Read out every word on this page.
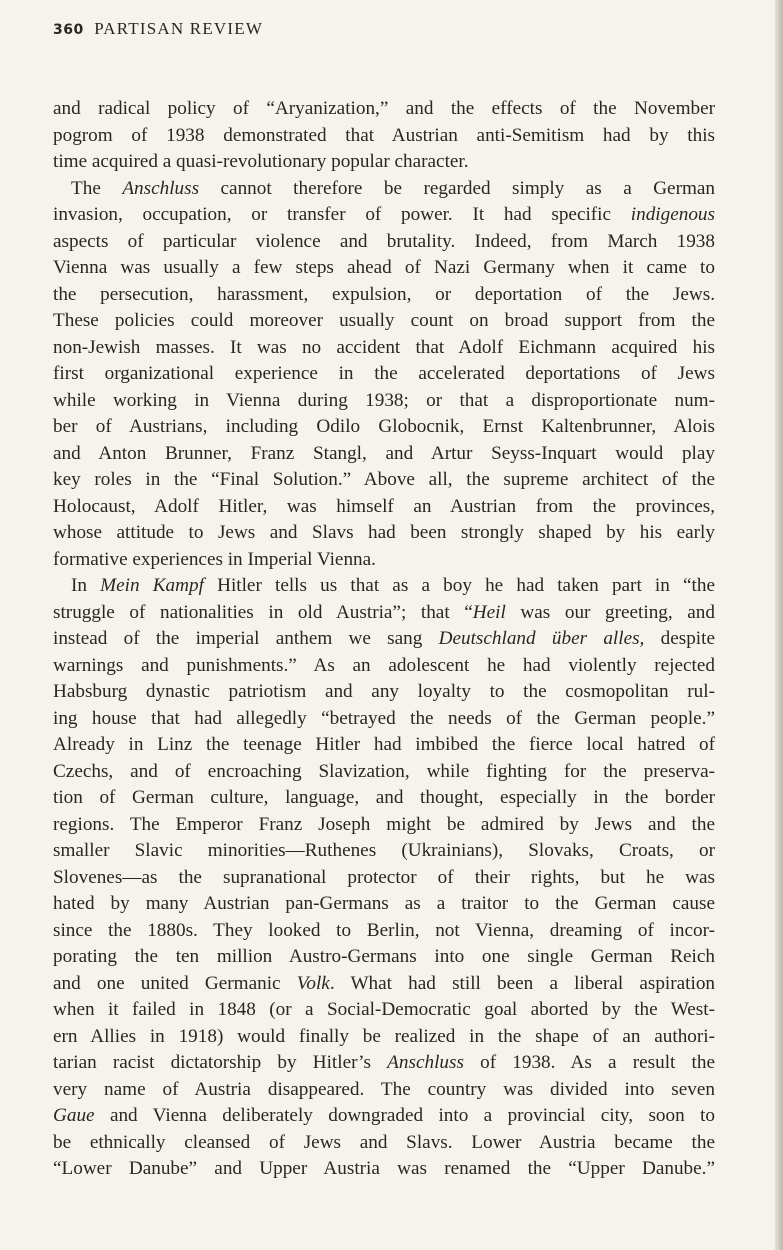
360 PARTISAN REVIEW
and radical policy of “Aryanization,” and the effects of the November
pogrom of 1938 demonstrated that Austrian anti-Semitism had by this
time acquired a quasi-revolutionary popular character.
The Anschluss cannot therefore be regarded simply as a German
invasion, occupation, or transfer of power. It had specific indigenous
aspects of particular violence and brutality. Indeed, from March 1938
Vienna was usually a few steps ahead of Nazi Germany when it came to
the persecution, harassment, expulsion, or deportation of the Jews.
These policies could moreover usually count on broad support from the
non-Jewish masses. It was no accident that Adolf Eichmann acquired his
first organizational experience in the accelerated deportations of Jews
while working in Vienna during 1938; or that a disproportionate num-
ber of Austrians, including Odilo Globocnik, Ernst Kaltenbrunner, Alois
and Anton Brunner, Franz Stangl, and Artur Seyss-Inquart would play
key roles in the “Final Solution.” Above all, the supreme architect of the
Holocaust, Adolf Hitler, was himself an Austrian from the provinces,
whose attitude to Jews and Slavs had been strongly shaped by his early
formative experiences in Imperial Vienna.
In Mein Kampf Hitler tells us that as a boy he had taken part in “the
struggle of nationalities in old Austria”; that “Heil was our greeting, and
instead of the imperial anthem we sang Deutschland über alles, despite
warnings and punishments.” As an adolescent he had violently rejected
Habsburg dynastic patriotism and any loyalty to the cosmopolitan rul-
ing house that had allegedly “betrayed the needs of the German people.”
Already in Linz the teenage Hitler had imbibed the fierce local hatred of
Czechs, and of encroaching Slavization, while fighting for the preserva-
tion of German culture, language, and thought, especially in the border
regions. The Emperor Franz Joseph might be admired by Jews and the
smaller Slavic minorities—Ruthenes (Ukrainians), Slovaks, Croats, or
Slovenes—as the supranational protector of their rights, but he was
hated by many Austrian pan-Germans as a traitor to the German cause
since the 1880s. They looked to Berlin, not Vienna, dreaming of incor-
porating the ten million Austro-Germans into one single German Reich
and one united Germanic Volk. What had still been a liberal aspiration
when it failed in 1848 (or a Social-Democratic goal aborted by the West-
ern Allies in 1918) would finally be realized in the shape of an authori-
tarian racist dictatorship by Hitler’s Anschluss of 1938. As a result the
very name of Austria disappeared. The country was divided into seven
Gaue and Vienna deliberately downgraded into a provincial city, soon to
be ethnically cleansed of Jews and Slavs. Lower Austria became the
“Lower Danube” and Upper Austria was renamed the “Upper Danube.”
